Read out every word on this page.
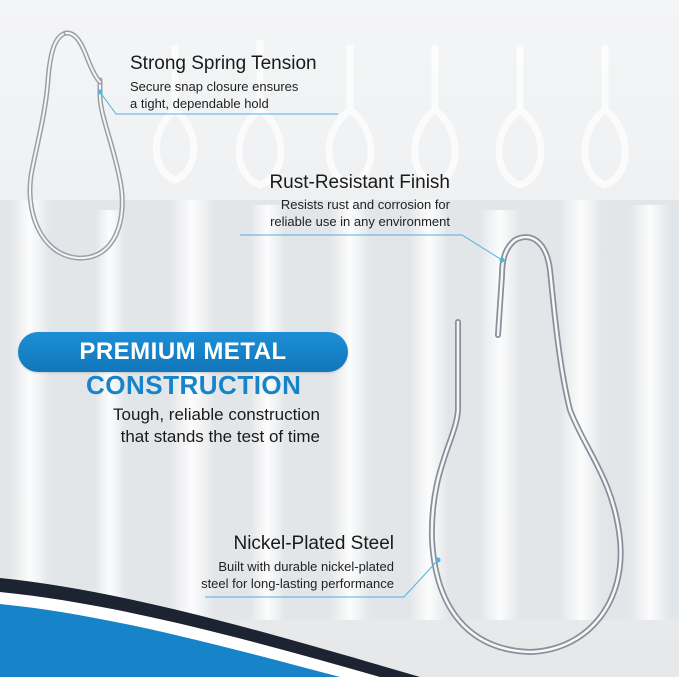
Strong Spring Tension
Secure snap closure ensures
a tight, dependable hold
Rust-Resistant Finish
Resists rust and corrosion for
reliable use in any environment
PREMIUM METAL
CONSTRUCTION
Tough, reliable construction
that stands the test of time
Nickel-Plated Steel
Built with durable nickel-plated
steel for long-lasting performance
